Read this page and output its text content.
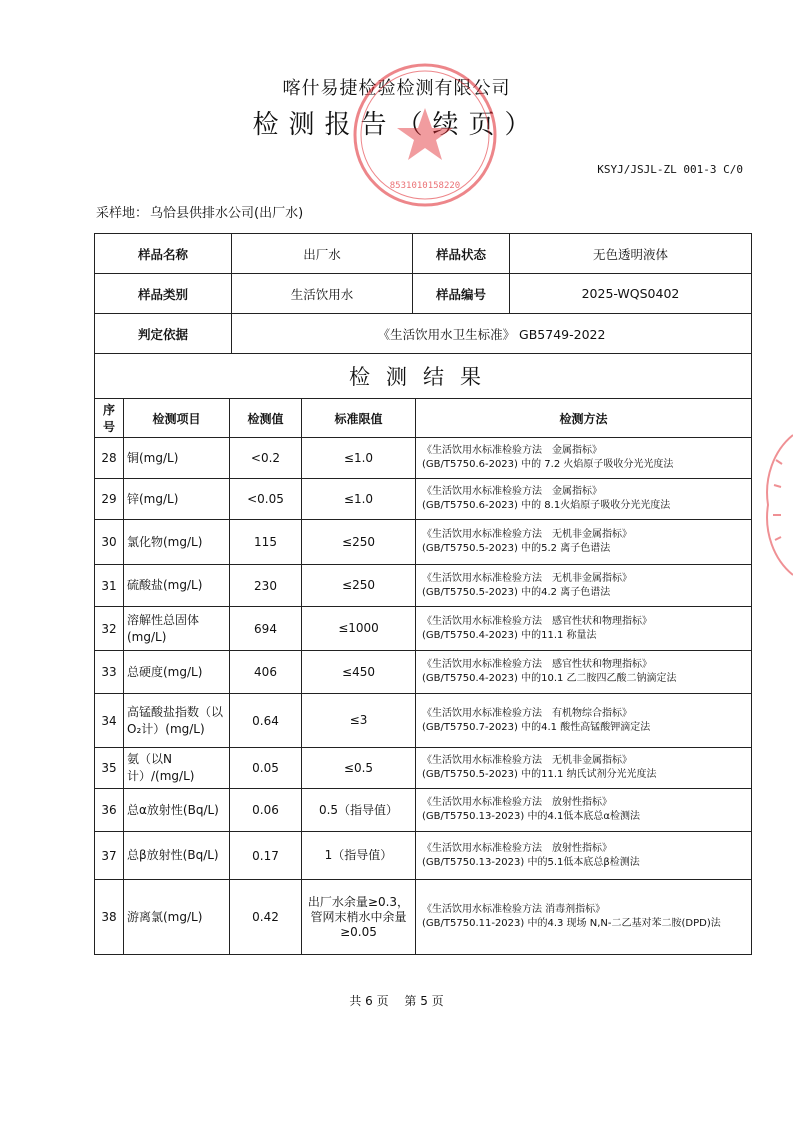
喀什易捷检验检测有限公司
检测报告（续页）
KSYJ/JSJL-ZL 001-3 C/0
8531010158220
采样地： 乌恰县供排水公司(出厂水)
样品名称	出厂水	样品状态	无色透明液体
样品类别	生活饮用水	样品编号	2025-WQS0402
判定依据	《生活饮用水卫生标准》 GB5749-2022		
检测结果			
序号	检测项目	检测值	标准限值	检测方法
28	铜(mg/L)	<0.2	≤1.0	《生活饮用水标准检验方法　金属指标》
(GB/T5750.6-2023) 中的 7.2 火焰原子吸收分光光度法

29	锌(mg/L)	<0.05	≤1.0	《生活饮用水标准检验方法　金属指标》
(GB/T5750.6-2023) 中的 8.1火焰原子吸收分光光度法

30	氯化物(mg/L)	115	≤250	《生活饮用水标准检验方法　无机非金属指标》
(GB/T5750.5-2023) 中的5.2 离子色谱法

31	硫酸盐(mg/L)	230	≤250	《生活饮用水标准检验方法　无机非金属指标》
(GB/T5750.5-2023) 中的4.2 离子色谱法

32	溶解性总固体(mg/L)	694	≤1000	《生活饮用水标准检验方法　感官性状和物理指标》
(GB/T5750.4-2023) 中的11.1 称量法

33	总硬度(mg/L)	406	≤450	《生活饮用水标准检验方法　感官性状和物理指标》
(GB/T5750.4-2023) 中的10.1 乙二胺四乙酸二钠滴定法

34	高锰酸盐指数（以O₂计）(mg/L)	0.64	≤3	《生活饮用水标准检验方法　有机物综合指标》
(GB/T5750.7-2023) 中的4.1 酸性高锰酸钾滴定法

35	氨（以N计）/(mg/L)	0.05	≤0.5	《生活饮用水标准检验方法　无机非金属指标》
(GB/T5750.5-2023) 中的11.1 纳氏试剂分光光度法

36	总α放射性(Bq/L)	0.06	0.5（指导值）	《生活饮用水标准检验方法　放射性指标》
(GB/T5750.13-2023) 中的4.1低本底总α检测法

37	总β放射性(Bq/L)	0.17	1（指导值）	《生活饮用水标准检验方法　放射性指标》
(GB/T5750.13-2023) 中的5.1低本底总β检测法

38	游离氯(mg/L)	0.42	出厂水余量≥0.3，管网末梢水中余量≥0.05	《生活饮用水标准检验方法 消毒剂指标》
(GB/T5750.11-2023) 中的4.3 现场 N,N-二乙基对苯二胺(DPD)法
共 6 页 第 5 页
